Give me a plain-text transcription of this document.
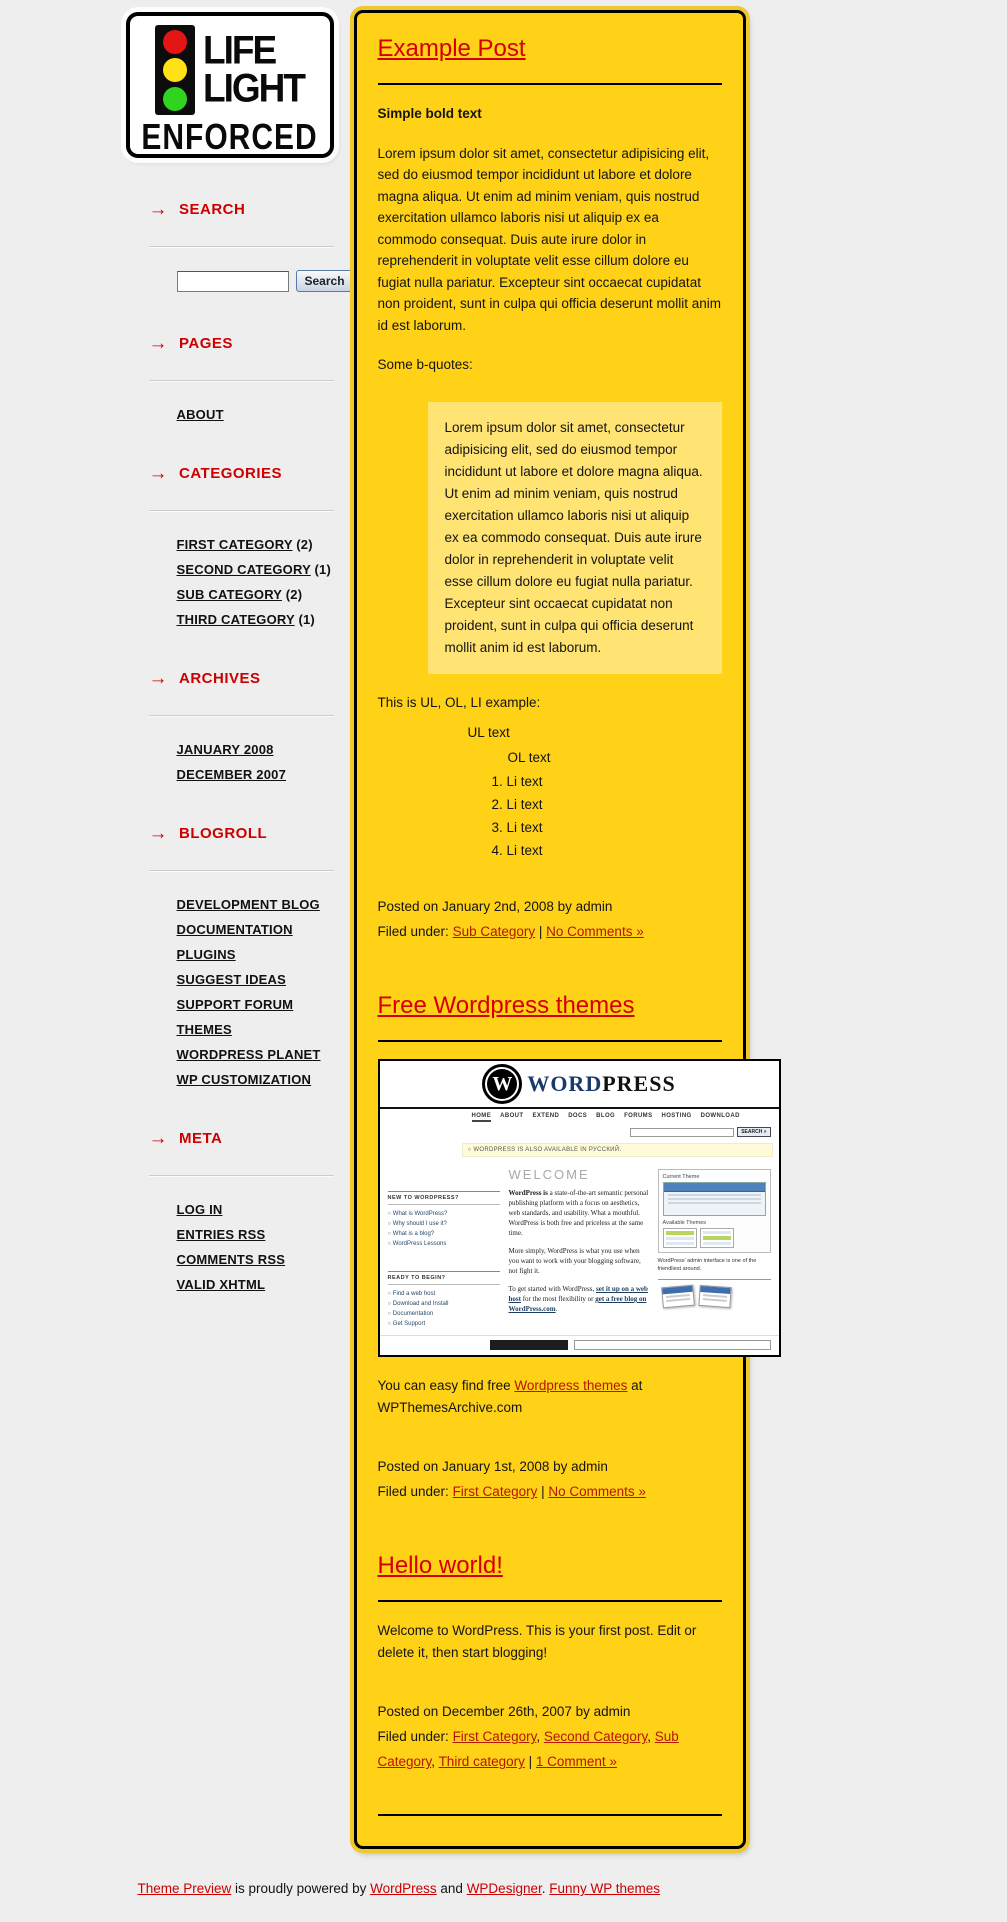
LIFE
LIGHT
ENFORCED
→ SEARCH
Search
→ PAGES
ABOUT
→ CATEGORIES
FIRST CATEGORY (2)
SECOND CATEGORY (1)
SUB CATEGORY (2)
THIRD CATEGORY (1)
→ ARCHIVES
JANUARY 2008
DECEMBER 2007
→ BLOGROLL
DEVELOPMENT BLOG
DOCUMENTATION
PLUGINS
SUGGEST IDEAS
SUPPORT FORUM
THEMES
WORDPRESS PLANET
WP CUSTOMIZATION
→ META
LOG IN
ENTRIES RSS
COMMENTS RSS
VALID XHTML
Example Post

Simple bold text

Lorem ipsum dolor sit amet, consectetur adipisicing elit, sed do eiusmod tempor incididunt ut labore et dolore magna aliqua. Ut enim ad minim veniam, quis nostrud exercitation ullamco laboris nisi ut aliquip ex ea commodo consequat. Duis aute irure dolor in reprehenderit in voluptate velit esse cillum dolore eu fugiat nulla pariatur. Excepteur sint occaecat cupidatat non proident, sunt in culpa qui officia deserunt mollit anim id est laborum.

Some b-quotes:

Lorem ipsum dolor sit amet, consectetur adipisicing elit, sed do eiusmod tempor incididunt ut labore et dolore magna aliqua. Ut enim ad minim veniam, quis nostrud exercitation ullamco laboris nisi ut aliquip ex ea commodo consequat. Duis aute irure dolor in reprehenderit in voluptate velit esse cillum dolore eu fugiat nulla pariatur. Excepteur sint occaecat cupidatat non proident, sunt in culpa qui officia deserunt mollit anim id est laborum.

This is UL, OL, LI example:

UL text
OL text
1. Li text
2. Li text
3. Li text
4. Li text
Posted on January 2nd, 2008 by admin
Filed under: Sub Category | No Comments »
Free Wordpress themes
W WORDPRESS
HOME ABOUT EXTEND DOCS BLOG FORUMS HOSTING DOWNLOAD
SEARCH »
○ WORDPRESS IS ALSO AVAILABLE IN РУССКИЙ.
NEW TO WORDPRESS?
○ What is WordPress?
○ Why should I use it?
○ What is a blog?
○ WordPress Lessons
READY TO BEGIN?
○ Find a web host
○ Download and Install
○ Documentation
○ Get Support
WELCOME

WordPress is a state-of-the-art semantic personal publishing platform with a focus on aesthetics, web standards, and usability. What a mouthful. WordPress is both free and priceless at the same time.

More simply, WordPress is what you use when you want to work with your blogging software, not fight it.

To get started with WordPress, set it up on a web host for the most flexibility or get a free blog on WordPress.com.

Current Theme
Available Themes
WordPress' admin interface is one of the friendliest around.

You can easy find free Wordpress themes at WPThemesArchive.com

Posted on January 1st, 2008 by admin
Filed under: First Category | No Comments »
Hello world!

Welcome to WordPress. This is your first post. Edit or delete it, then start blogging!

Posted on December 26th, 2007 by admin
Filed under: First Category, Second Category, Sub Category, Third category | 1 Comment »
Theme Preview is proudly powered by WordPress and WPDesigner. Funny WP themes
